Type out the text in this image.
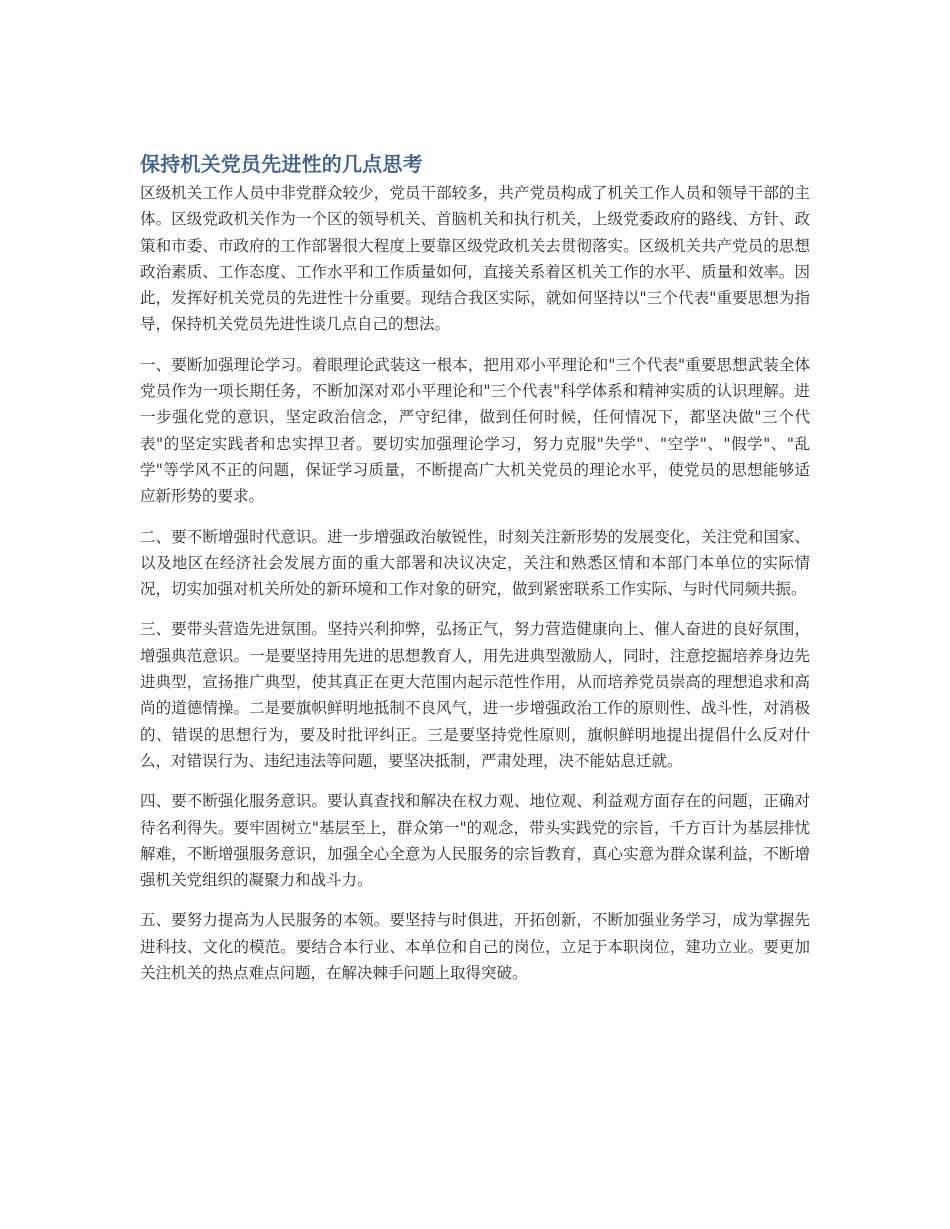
保持机关党员先进性的几点思考

区级机关工作人员中非党群众较少，党员干部较多，共产党员构成了机关工作人员和领导干部的主体。区级党政机关作为一个区的领导机关、首脑机关和执行机关，上级党委政府的路线、方针、政策和市委、市政府的工作部署很大程度上要靠区级党政机关去贯彻落实。区级机关共产党员的思想政治素质、工作态度、工作水平和工作质量如何，直接关系着区机关工作的水平、质量和效率。因此，发挥好机关党员的先进性十分重要。现结合我区实际，就如何坚持以"三个代表"重要思想为指导，保持机关党员先进性谈几点自己的想法。

一、要断加强理论学习。着眼理论武装这一根本，把用邓小平理论和"三个代表"重要思想武装全体党员作为一项长期任务，不断加深对邓小平理论和"三个代表"科学体系和精神实质的认识理解。进一步强化党的意识，坚定政治信念，严守纪律，做到任何时候，任何情况下，都坚决做"三个代表"的坚定实践者和忠实捍卫者。要切实加强理论学习，努力克服"失学"、"空学"、"假学"、"乱学"等学风不正的问题，保证学习质量，不断提高广大机关党员的理论水平，使党员的思想能够适应新形势的要求。

二、要不断增强时代意识。进一步增强政治敏锐性，时刻关注新形势的发展变化，关注党和国家、以及地区在经济社会发展方面的重大部署和决议决定，关注和熟悉区情和本部门本单位的实际情况，切实加强对机关所处的新环境和工作对象的研究，做到紧密联系工作实际、与时代同频共振。

三、要带头营造先进氛围。坚持兴利抑弊，弘扬正气，努力营造健康向上、催人奋进的良好氛围，增强典范意识。一是要坚持用先进的思想教育人，用先进典型激励人，同时，注意挖掘培养身边先进典型，宣扬推广典型，使其真正在更大范围内起示范性作用，从而培养党员崇高的理想追求和高尚的道德情操。二是要旗帜鲜明地抵制不良风气，进一步增强政治工作的原则性、战斗性，对消极的、错误的思想行为，要及时批评纠正。三是要坚持党性原则，旗帜鲜明地提出提倡什么反对什么，对错误行为、违纪违法等问题，要坚决抵制，严肃处理，决不能姑息迁就。

四、要不断强化服务意识。要认真查找和解决在权力观、地位观、利益观方面存在的问题，正确对待名利得失。要牢固树立"基层至上，群众第一"的观念，带头实践党的宗旨，千方百计为基层排忧解难，不断增强服务意识，加强全心全意为人民服务的宗旨教育，真心实意为群众谋利益，不断增强机关党组织的凝聚力和战斗力。

五、要努力提高为人民服务的本领。要坚持与时俱进，开拓创新，不断加强业务学习，成为掌握先进科技、文化的模范。要结合本行业、本单位和自己的岗位，立足于本职岗位，建功立业。要更加关注机关的热点难点问题，在解决棘手问题上取得突破。
